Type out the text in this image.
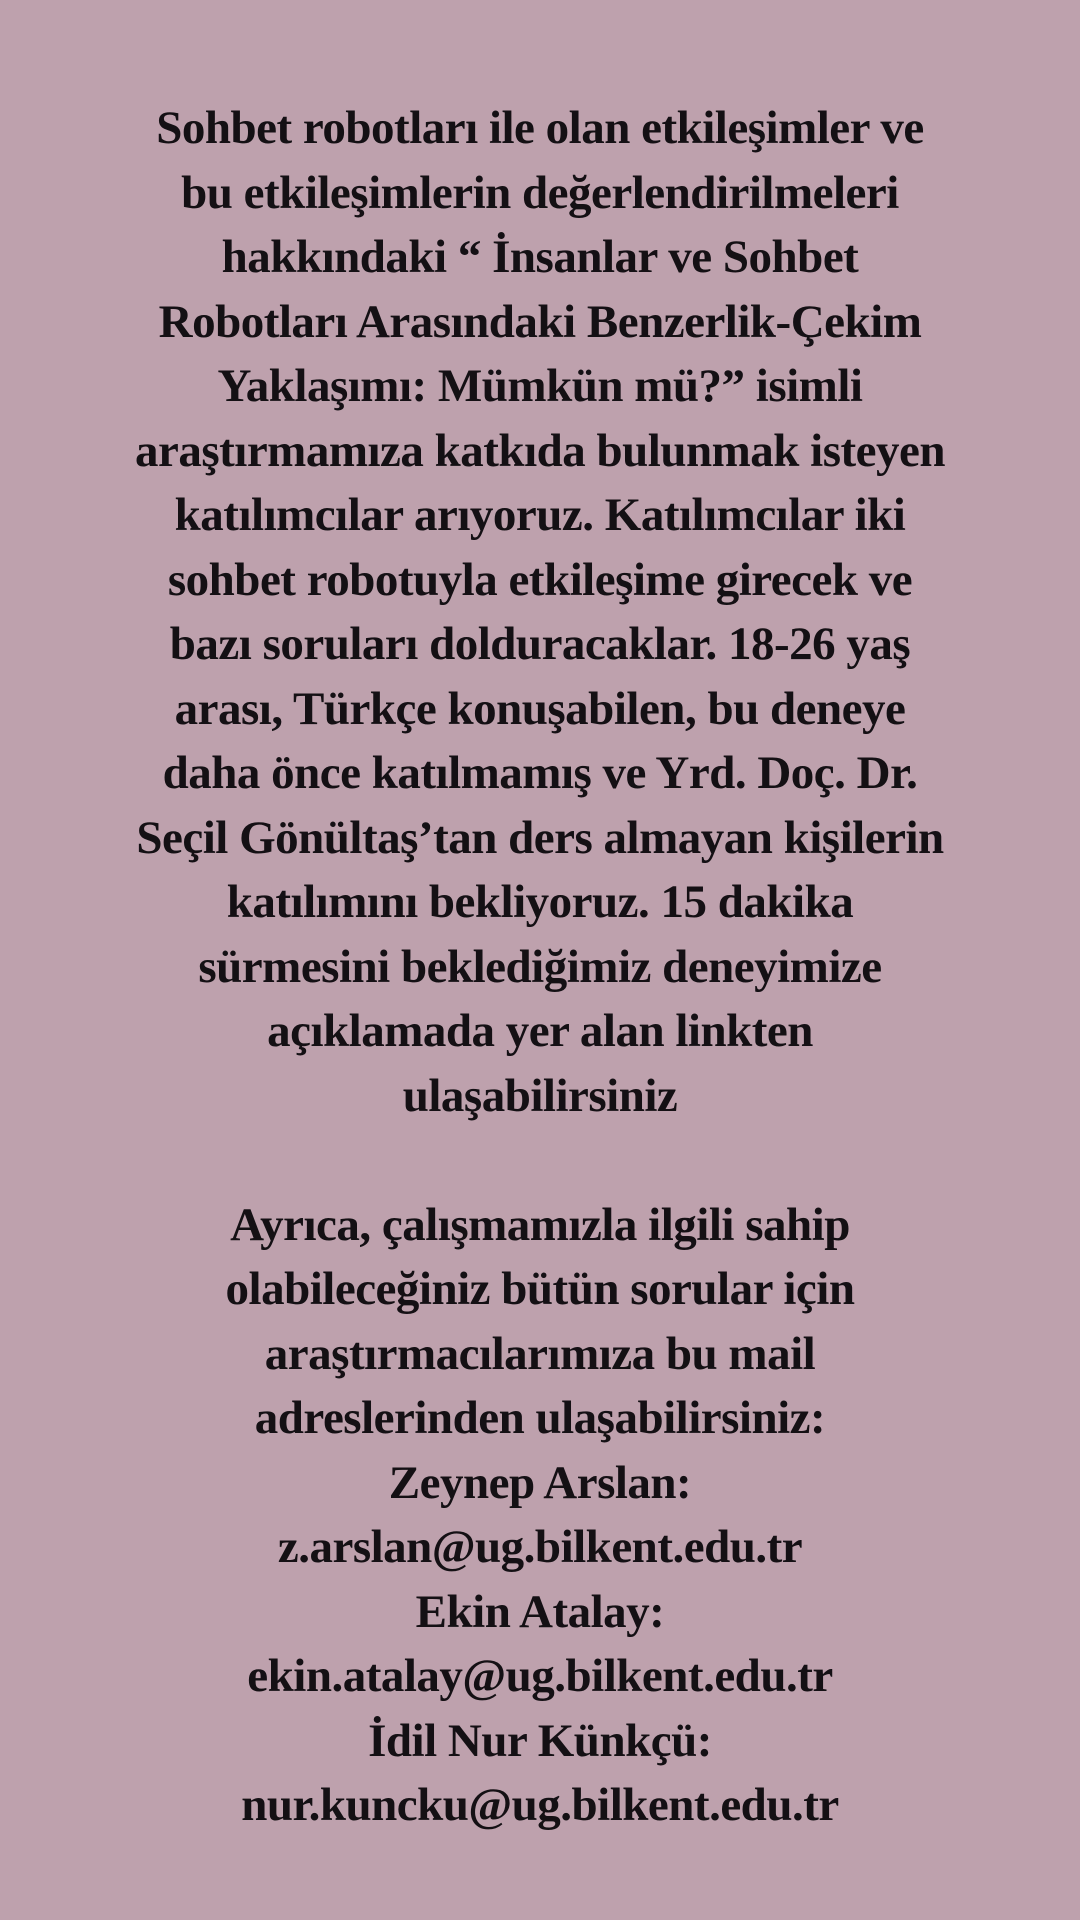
Sohbet robotları ile olan etkileşimler ve
bu etkileşimlerin değerlendirilmeleri
hakkındaki “ İnsanlar ve Sohbet
Robotları Arasındaki Benzerlik-Çekim
Yaklaşımı: Mümkün mü?” isimli
araştırmamıza katkıda bulunmak isteyen
katılımcılar arıyoruz. Katılımcılar iki
sohbet robotuyla etkileşime girecek ve
bazı soruları dolduracaklar. 18-26 yaş
arası, Türkçe konuşabilen, bu deneye
daha önce katılmamış ve Yrd. Doç. Dr.
Seçil Gönültaş’tan ders almayan kişilerin
katılımını bekliyoruz. 15 dakika
sürmesini beklediğimiz deneyimize
açıklamada yer alan linkten
ulaşabilirsiniz
Ayrıca, çalışmamızla ilgili sahip
olabileceğiniz bütün sorular için
araştırmacılarımıza bu mail
adreslerinden ulaşabilirsiniz:
Zeynep Arslan:
z.arslan@ug.bilkent.edu.tr
Ekin Atalay:
ekin.atalay@ug.bilkent.edu.tr
İdil Nur Künkçü:
nur.kuncku@ug.bilkent.edu.tr
